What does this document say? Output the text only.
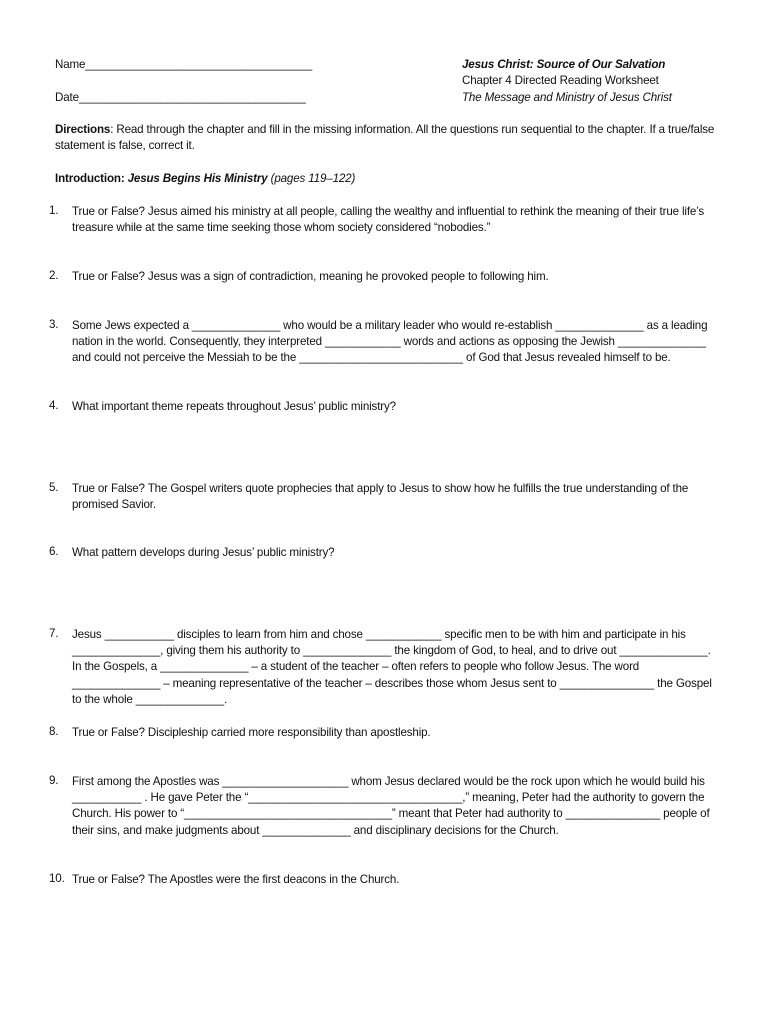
Name____________________________________
Date____________________________________
Jesus Christ: Source of Our Salvation
Chapter 4 Directed Reading Worksheet
The Message and Ministry of Jesus Christ
Directions: Read through the chapter and fill in the missing information. All the questions run sequential to the chapter. If a true/false statement is false, correct it.
Introduction: Jesus Begins His Ministry (pages 119–122)
1.	True or False? Jesus aimed his ministry at all people, calling the wealthy and influential to rethink the meaning of their true life’s treasure while at the same time seeking those whom society considered “nobodies.”
2.	True or False? Jesus was a sign of contradiction, meaning he provoked people to following him.
3.	Some Jews expected a ______________ who would be a military leader who would re-establish ______________ as a leading nation in the world. Consequently, they interpreted ____________ words and actions as opposing the Jewish ______________ and could not perceive the Messiah to be the __________________________ of God that Jesus revealed himself to be.
4.	What important theme repeats throughout Jesus’ public ministry?
5.	True or False? The Gospel writers quote prophecies that apply to Jesus to show how he fulfills the true understanding of the promised Savior.
6.	What pattern develops during Jesus’ public ministry?
7.	Jesus ___________ disciples to learn from him and chose ____________ specific men to be with him and participate in his ______________, giving them his authority to ______________ the kingdom of God, to heal, and to drive out ______________. In the Gospels, a ______________ – a student of the teacher – often refers to people who follow Jesus. The word ______________ – meaning representative of the teacher – describes those whom Jesus sent to _______________ the Gospel to the whole ______________.
8.	True or False? Discipleship carried more responsibility than apostleship.
9.	First among the Apostles was ____________________ whom Jesus declared would be the rock upon which he would build his ___________ . He gave Peter the “__________________________________,” meaning, Peter had the authority to govern the Church. His power to “_________________________________” meant that Peter had authority to _______________ people of their sins, and make judgments about ______________ and disciplinary decisions for the Church.
10. True or False? The Apostles were the first deacons in the Church.
